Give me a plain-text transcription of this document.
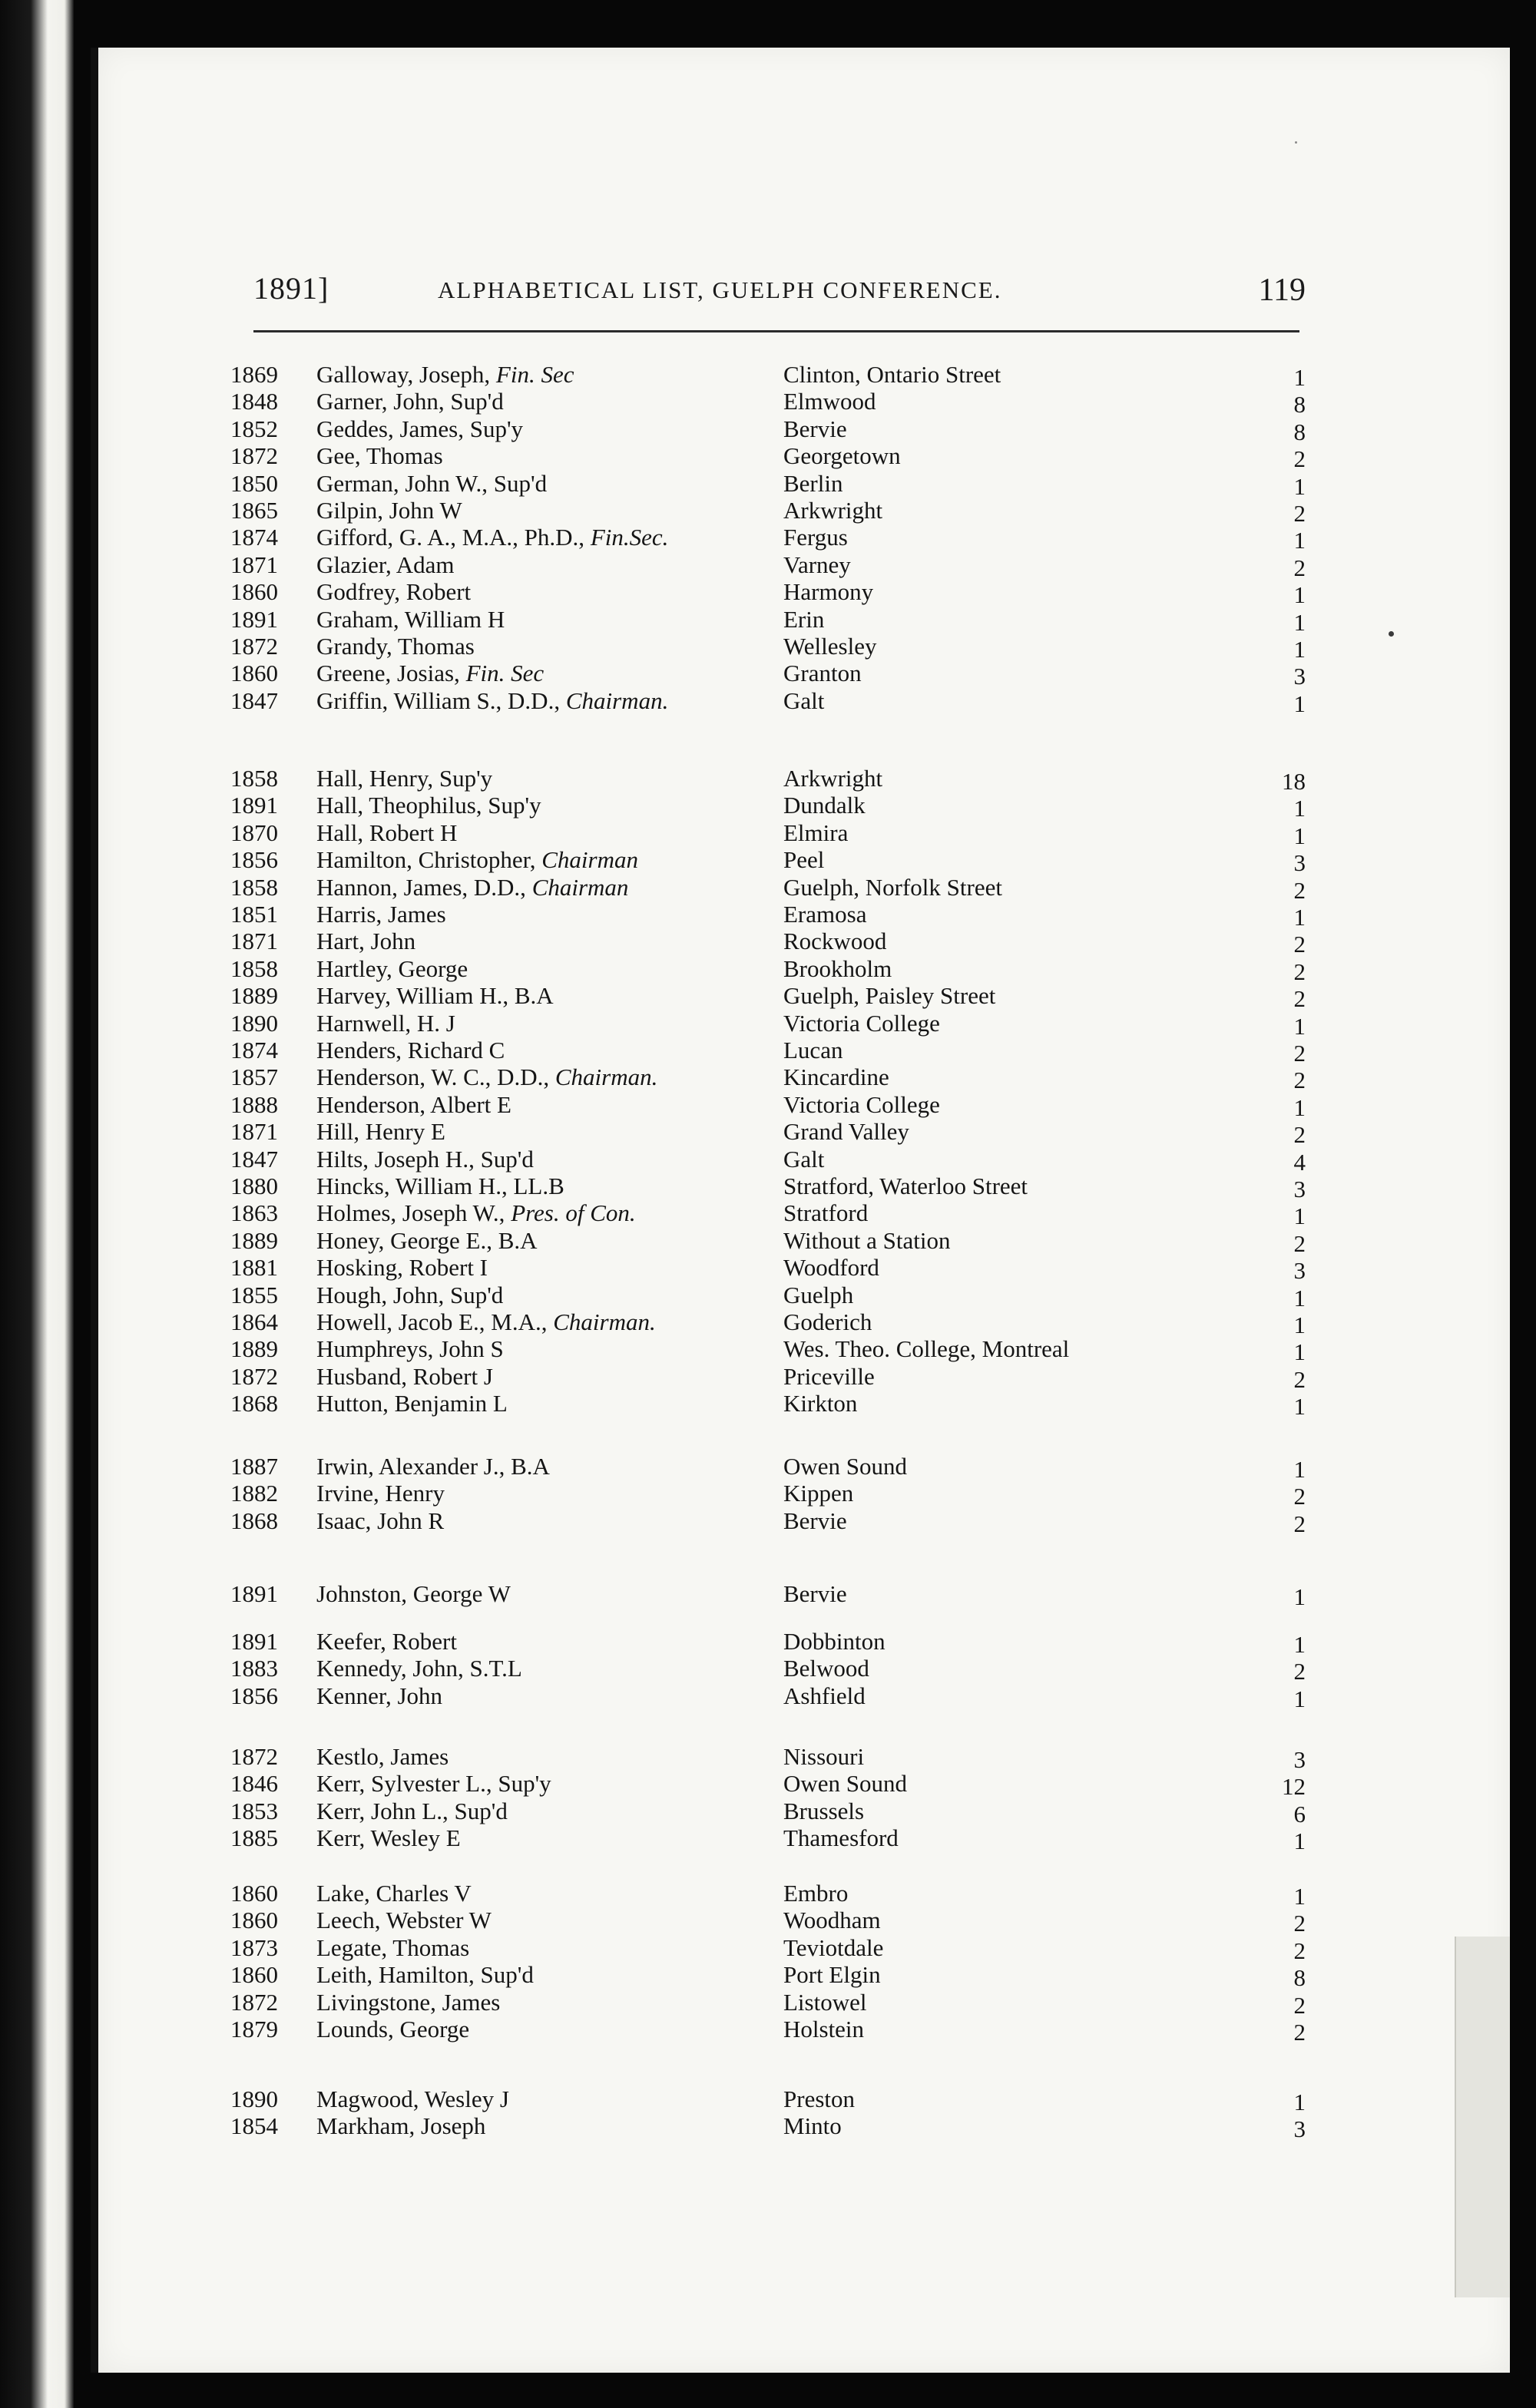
1891]	ALPHABETICAL LIST, GUELPH CONFERENCE.	119
1869	Galloway, Joseph, Fin. Sec	Clinton, Ontario Street	1
1848	Garner, John, Sup'd	Elmwood	8
1852	Geddes, James, Sup'y	Bervie	8
1872	Gee, Thomas	Georgetown	2
1850	German, John W., Sup'd	Berlin	1
1865	Gilpin, John W	Arkwright	2
1874	Gifford, G. A., M.A., Ph.D., Fin.Sec.	Fergus	1
1871	Glazier, Adam	Varney	2
1860	Godfrey, Robert	Harmony	1
1891	Graham, William H	Erin	1
1872	Grandy, Thomas	Wellesley	1
1860	Greene, Josias, Fin. Sec	Granton	3
1847	Griffin, William S., D.D., Chairman.	Galt	1
1858	Hall, Henry, Sup'y	Arkwright	18
1891	Hall, Theophilus, Sup'y	Dundalk	1
1870	Hall, Robert H	Elmira	1
1856	Hamilton, Christopher, Chairman	Peel	3
1858	Hannon, James, D.D., Chairman	Guelph, Norfolk Street	2
1851	Harris, James	Eramosa	1
1871	Hart, John	Rockwood	2
1858	Hartley, George	Brookholm	2
1889	Harvey, William H., B.A	Guelph, Paisley Street	2
1890	Harnwell, H. J	Victoria College	1
1874	Henders, Richard C	Lucan	2
1857	Henderson, W. C., D.D., Chairman.	Kincardine	2
1888	Henderson, Albert E	Victoria College	1
1871	Hill, Henry E	Grand Valley	2
1847	Hilts, Joseph H., Sup'd	Galt	4
1880	Hincks, William H., LL.B	Stratford, Waterloo Street	3
1863	Holmes, Joseph W., Pres. of Con.	Stratford	1
1889	Honey, George E., B.A	Without a Station	2
1881	Hosking, Robert I	Woodford	3
1855	Hough, John, Sup'd	Guelph	1
1864	Howell, Jacob E., M.A., Chairman.	Goderich	1
1889	Humphreys, John S	Wes. Theo. College, Montreal	1
1872	Husband, Robert J	Priceville	2
1868	Hutton, Benjamin L	Kirkton	1
1887	Irwin, Alexander J., B.A	Owen Sound	1
1882	Irvine, Henry	Kippen	2
1868	Isaac, John R	Bervie	2
1891	Johnston, George W	Bervie	1
1891	Keefer, Robert	Dobbinton	1
1883	Kennedy, John, S.T.L	Belwood	2
1856	Kenner, John	Ashfield	1
1872	Kestlo, James	Nissouri	3
1846	Kerr, Sylvester L., Sup'y	Owen Sound	12
1853	Kerr, John L., Sup'd	Brussels	6
1885	Kerr, Wesley E	Thamesford	1
1860	Lake, Charles V	Embro	1
1860	Leech, Webster W	Woodham	2
1873	Legate, Thomas	Teviotdale	2
1860	Leith, Hamilton, Sup'd	Port Elgin	8
1872	Livingstone, James	Listowel	2
1879	Lounds, George	Holstein	2
1890	Magwood, Wesley J	Preston	1
1854	Markham, Joseph	Minto	3
